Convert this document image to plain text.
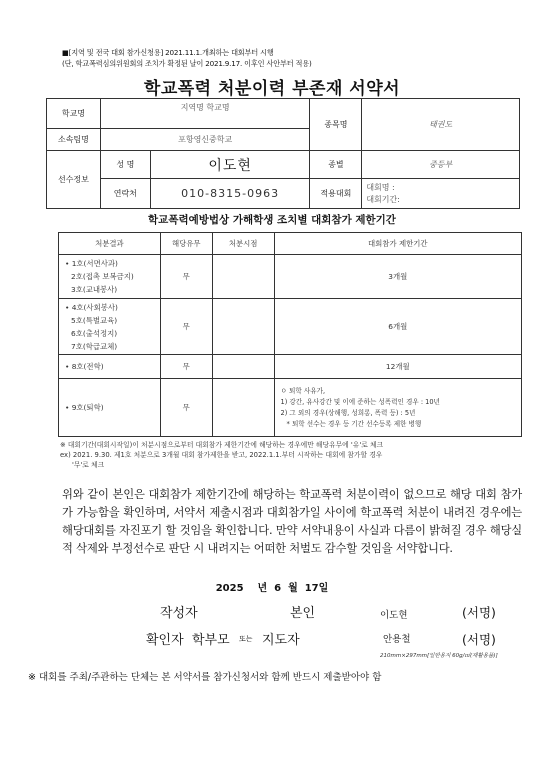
■[지역 및 전국 대회 참가신청용] 2021.11.1.개최하는 대회부터 시행
(단, 학교폭력심의위원회의 조치가 확정된 날이 2021.9.17. 이후인 사안부터 적용)
학교폭력 처분이력 부존재 서약서
학교명	지역명 학교명		종목명	태권도
소속팀명	포항영신중학교			
선수정보	성 명	이도현	종별	중등부
	연락처	010-8315-0963	적용대회	대회명 :
대회기간:
학교폭력예방법상 가해학생 조치별 대회참가 제한기간
처분결과	해당유무	처분시점	대회참가 제한기간

• 1호(서면사과)
2호(접촉 보복금지)
3호(교내봉사)	무		3개월

• 4호(사회봉사)
5호(특별교육)
6호(출석정지)
7호(학급교체)	무		6개월
• 8호(전학)	무		12개월
• 9호(퇴학)	무		ㅇ 퇴학 사유가,
1) 강간, 유사강간 및 이에 준하는 성폭력인 경우 : 10년
2) 그 외의 경우(상해행, 성희롱, 폭력 등) : 5년
* 퇴학 선수는 경우 등 기간 선수등록 제한 병행
※ 대회기간(대회시작일)이 처분시점으로부터 대회참가 제한기간에 해당하는 경우에만 해당유무에 '유'로 체크
ex) 2021. 9.30. 제1호 처분으로 3개월 대회 참가제한을 받고, 2022.1.1.부터 시작하는 대회에 참가할 경우
'무'로 체크
위와 같이 본인은 대회참가 제한기간에 해당하는 학교폭력 처분이력이 없으므로 해당 대회 참가가 가능함을 확인하며, 서약서 제출시점과 대회참가일 사이에 학교폭력 처분이 내려진 경우에는 해당대회를 자진포기 할 것임을 확인합니다. 만약 서약내용이 사실과 다름이 밝혀질 경우 해당실적 삭제와 부정선수로 판단 시 내려지는 어떠한 처벌도 감수할 것임을 서약합니다.
2025 년 6 월 17일
작성자	본인	이도현	(서명)
확인자 학부모 또는 지도자	안용철	(서명)
210mm×297mm[일반용지 60g/㎡(재활용품)]
※ 대회를 주최/주관하는 단체는 본 서약서를 참가신청서와 함께 반드시 제출받아야 함
